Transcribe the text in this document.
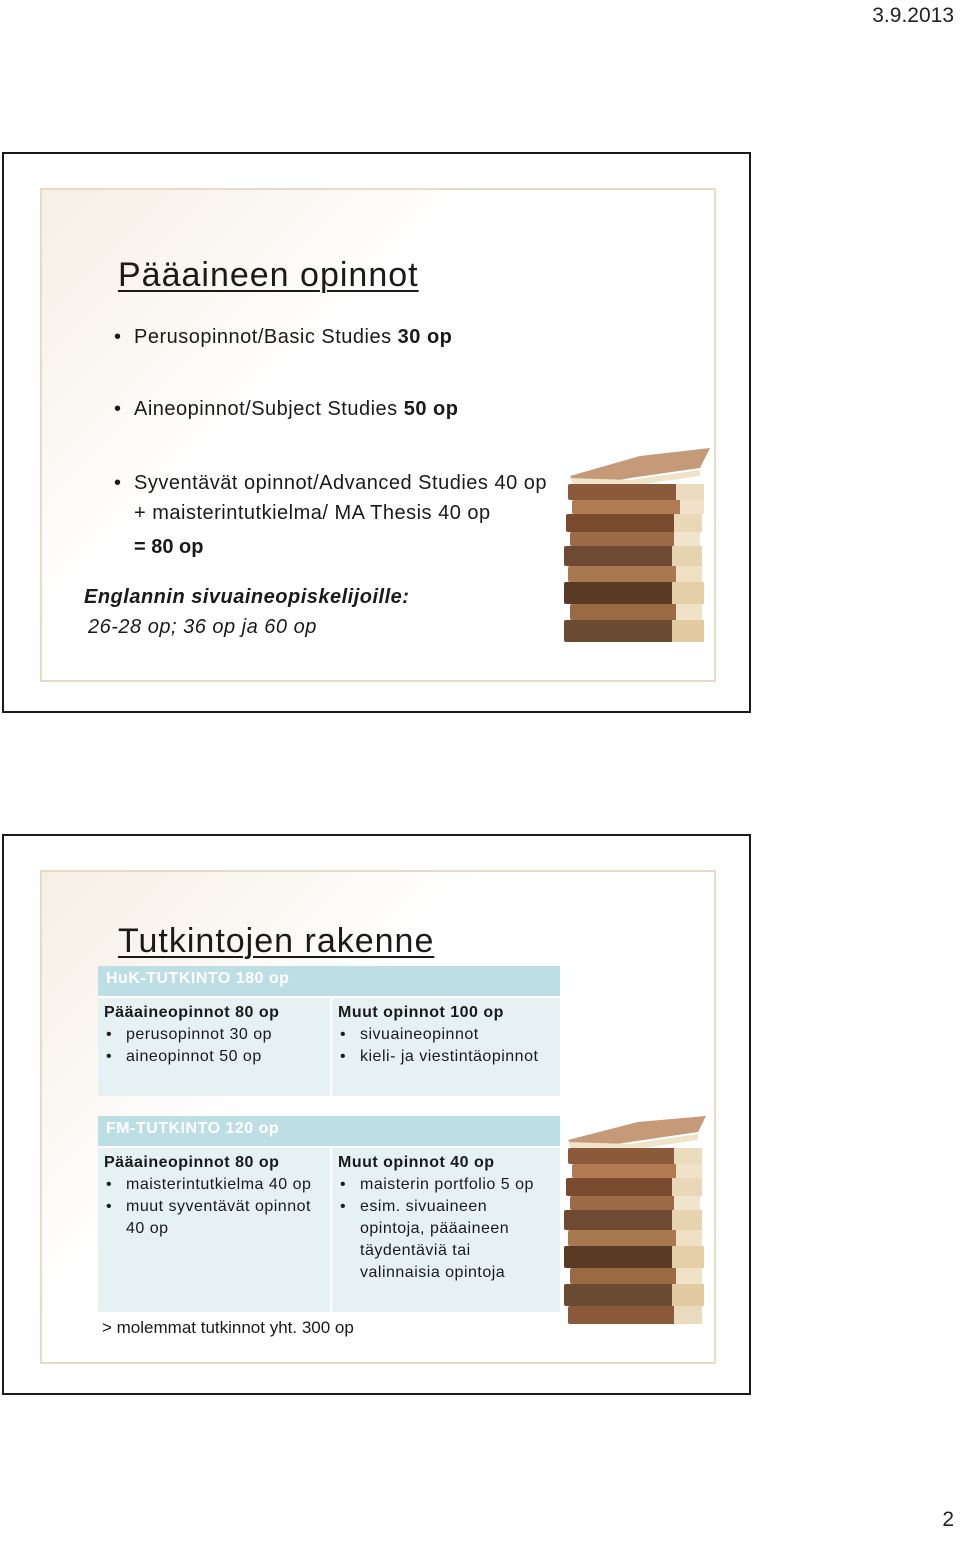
3.9.2013
Pääaineen opinnot
• Perusopinnot/Basic Studies 30 op
• Aineopinnot/Subject Studies 50 op
• Syventävät opinnot/Advanced Studies 40 op + maisterintutkielma/ MA Thesis 40 op
= 80 op
Englannin sivuaineopiskelijoille:
26-28 op; 36 op ja 60 op
Tutkintojen rakenne
HuK-TUTKINTO 180 op

Pääaineopinnot 80 op
• perusopinnot 30 op
• aineopinnot 50 op

Muut opinnot 100 op
• sivuaineopinnot
• kieli- ja viestintäopinnot
FM-TUTKINTO 120 op

Pääaineopinnot 80 op
• maisterintutkielma 40 op
• muut syventävät opinnot 40 op

Muut opinnot 40 op
• maisterin portfolio 5 op
• esim. sivuaineen opintoja, pääaineen täydentäviä tai valinnaisia opintoja
> molemmat tutkinnot yht. 300 op
2
